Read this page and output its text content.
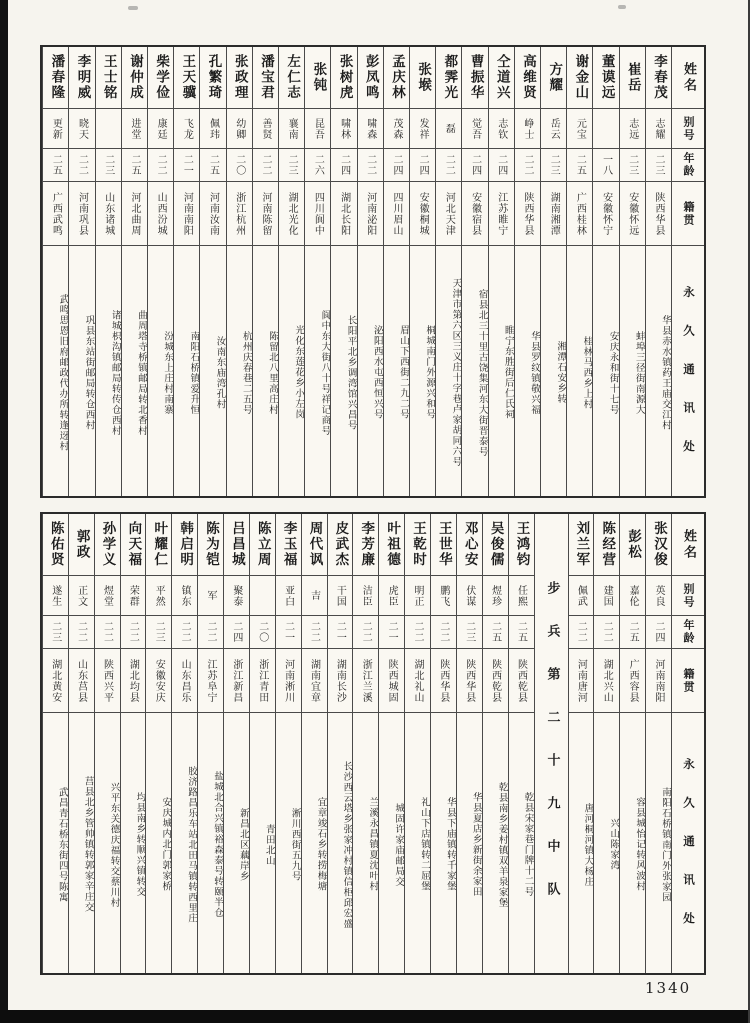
姓名
别号
年龄
籍贯
永久通讯处
李春茂
志耀
二三
陕西华县
华县赤水镇药王庙交江村
崔岳
志远
二三
安徽怀远
蚌埠三径街南源大
董谟远
一八
安徽怀宁
安庆永和街十七号
谢金山
元宝
二五
广西桂林
桂林马西乡上村
方耀
岳云
二三
湖南湘潭
湘潭石安乡转
高维贤
峥士
二二
陕西华县
华县罗纹镇敬兴福
仝道兴
志钦
二四
江苏睢宁
睢宁东胜街后仁氏祠
曹振华
觉吾
二四
安徽宿县
宿县北三十里古饶集河东大街晋泰号
都霁光
磊
二二
河北天津
天津市第六区三义庄十字巷卢家胡同六号
张堠
发祥
二四
安徽桐城
桐城南门外源兴和号
孟庆林
茂森
二四
四川眉山
眉山下西街二九二号
彭凤鸣
啸森
二二
河南泌阳
泌阳西水屯西恒兴号
张树虎
啸林
二四
湖北长阳
长阳平北乡调湾馆兴昌号
张钝
昆吾
二六
四川阆中
阆中东大街八十号祥记商号
左仁志
襄南
二三
湖北光化
光化东莲花乡小左岗
潘宝君
善贤
二二
河南陈留
陈留北八里高庄村
张政理
幼卿
二〇
浙江杭州
杭州庆春巷二五号
孔繁琦
佩玮
二五
河南汝南
汝南东庙湾孔村
王天骥
飞龙
二一
河南南阳
南阳石桥镇爱升恒
柴学俭
康廷
二二
山西汾城
汾城东上庄村南寨
谢仲成
进堂
二五
河北曲周
曲周塔寺桥镇邮局转北香村
王士铭
二三
山东诸城
诸城枳沟镇邮局转传仓西村
李明威
晓天
二二
河南巩县
巩县东站街邮局转仓西村
潘春隆
更新
二五
广西武鸣
武鸣思恩旧府邮政代办所转逢迓村
姓名
别号
年龄
籍贯
永久通讯处
张汉俊
英良
二四
河南南阳
南阳石桥镇南门外张家园
彭松
嘉伦
二五
广西容县
容县城怡记转风波村
陈经营
建国
二二
湖北兴山
兴山陈家湾
刘兰军
佩武
二二
河南唐河
唐河桐河镇大杨庄
步兵第二十九中队
王鸿钧
任熙
二五
陕西乾县
乾县宋家巷门牌十二号
吴俊儒
煜珍
二五
陕西乾县
乾县南乡姜村镇双羊泉家堡
邓心安
伏谋
二三
陕西华县
华县夏店乡新街余家田
王世华
鹏飞
二二
陕西华县
华县下庙镇转千家堡
王乾时
明正
二二
湖北礼山
礼山下店镇转二屈堡
叶祖德
虎臣
二一
陕西城固
城固许家庙邮局交
李芳廉
洁臣
二二
浙江兰溪
兰溪永昌镇夏沈叶村
皮武杰
干国
二一
湖南长沙
长沙西云塔乡张家冲村镇信柜邱宏盛
周代讽
吉
二二
湖南宜章
宜章竣石乡转捞梅塘
李玉福
亚白
二一
河南淅川
淅川西街五九号
陈立周
二〇
浙江青田
青田北山
吕昌城
聚泰
二四
浙江新昌
新昌北区藕岸乡
陈为铠
军
二二
江苏阜宁
盐城北合兴镇裕森泰号转颐半仓
韩启明
镇东
二二
山东昌乐
胶济路昌乐车站北田马镇转西里庄
叶耀仁
平然
二三
安徽安庆
安庆城内北门郭家桥
向天福
荣群
二二
湖北均县
均县南乡转顺兴镇转交
孙学义
煜堂
二二
陕西兴平
兴平东关德庆福转交蔡川村
郭政
正文
二二
山东莒县
莒县北乡管帅镇转郭家辛庄交
陈佑贤
遂生
二三
湖北黄安
武昌青石桥东街四号陈寓
1340
